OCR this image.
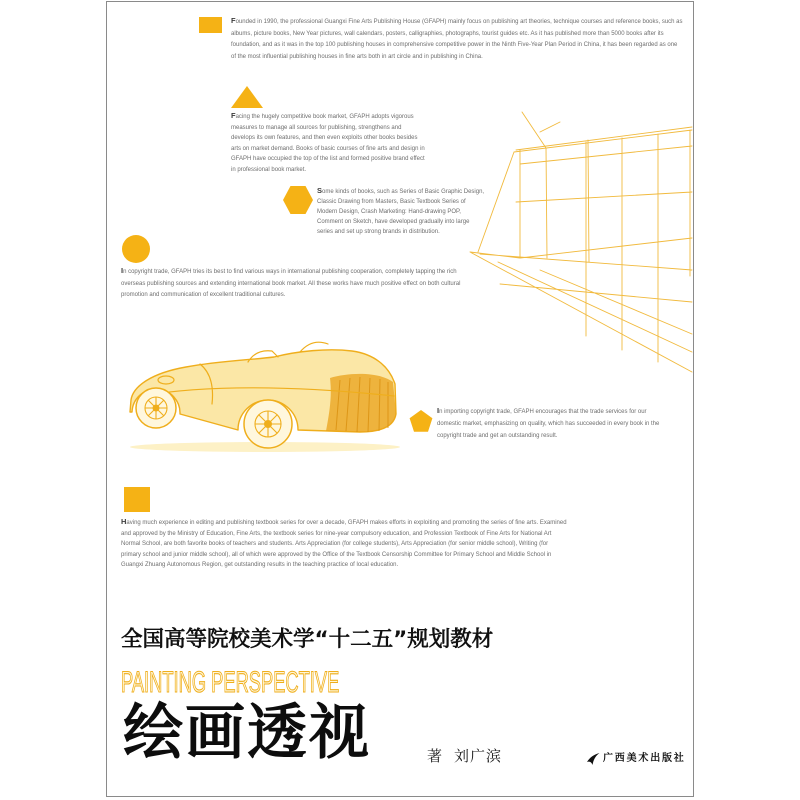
Founded in 1990, the professional Guangxi Fine Arts Publishing House (GFAPH) mainly focus on publishing art theories, technique courses and reference books, such as albums, picture books, New Year pictures, wall calendars, posters, calligraphies, photographs, tourist guides etc. As it has published more than 5000 books after its foundation, and as it was in the top 100 publishing houses in comprehensive competitive power in the Ninth Five-Year Plan Period in China, it has been regarded as one of the most influential publishing houses in fine arts both in art circle and in publishing in China.

Facing the hugely competitive book market, GFAPH adopts vigorous measures to manage all sources for publishing, strengthens and develops its own features, and then even exploits other books besides arts on market demand. Books of basic courses of fine arts and design in GFAPH have occupied the top of the list and formed positive brand effect in professional book market.

Some kinds of books, such as Series of Basic Graphic Design, Classic Drawing from Masters, Basic Textbook Series of Modern Design, Crash Marketing: Hand-drawing POP, Comment on Sketch, have developed gradually into large series and set up strong brands in distribution.

In copyright trade, GFAPH tries its best to find various ways in international publishing cooperation, completely tapping the rich overseas publishing sources and extending international book market. All these works have much positive effect on both cultural promotion and communication of excellent traditional cultures.

In importing copyright trade, GFAPH encourages that the trade services for our domestic market, emphasizing on quality, which has succeeded in every book in the copyright trade and get an outstanding result.

Having much experience in editing and publishing textbook series for over a decade, GFAPH makes efforts in exploiting and promoting the series of fine arts. Examined and approved by the Ministry of Education, Fine Arts, the textbook series for nine-year compulsory education, and Profession Textbook of Fine Arts for National Art Normal School, are both favorite books of teachers and students. Arts Appreciation (for college students), Arts Appreciation (for senior middle school), Writing (for primary school and junior middle school), all of which were approved by the Office of the Textbook Censorship Committee for Primary School and Middle School in Guangxi Zhuang Autonomous Region, get outstanding results in the teaching practice of local education.

全国高等院校美术学“十二五”规划教材
PAINTING PERSPECTIVE
绘画透视	著 刘广滨	广西美术出版社
